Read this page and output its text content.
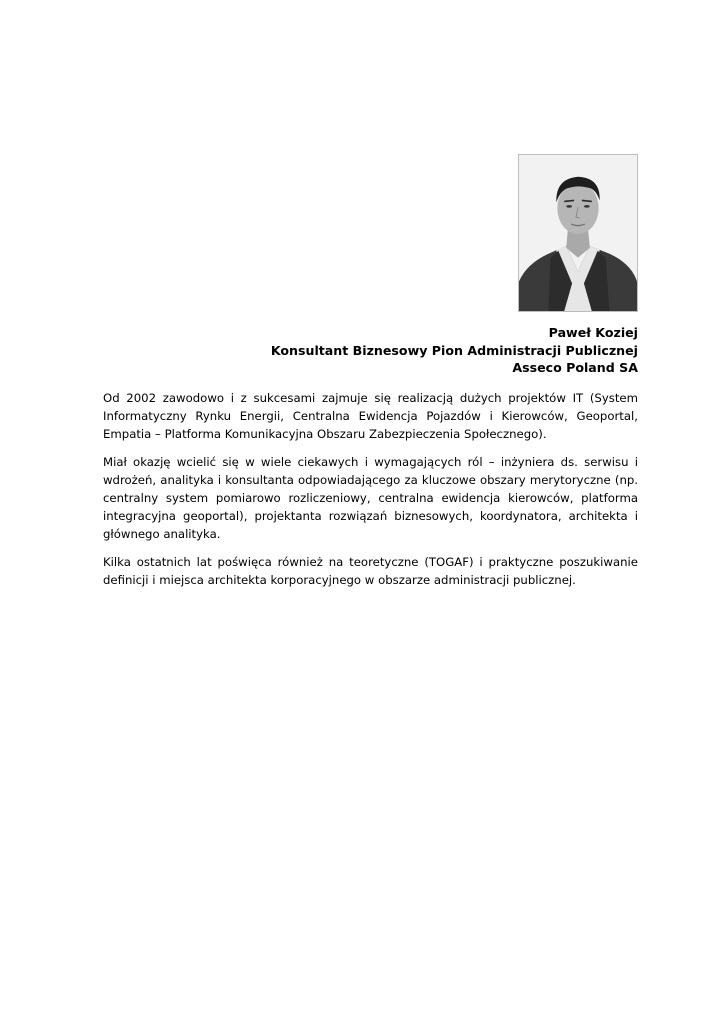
Paweł Koziej
Konsultant Biznesowy Pion Administracji Publicznej
Asseco Poland SA

Od 2002 zawodowo i z sukcesami zajmuje się realizacją dużych projektów IT (System Informatyczny Rynku Energii, Centralna Ewidencja Pojazdów i Kierowców, Geoportal, Empatia – Platforma Komunikacyjna Obszaru Zabezpieczenia Społecznego).

Miał okazję wcielić się w wiele ciekawych i wymagających ról – inżyniera ds. serwisu i wdrożeń, analityka i konsultanta odpowiadającego za kluczowe obszary merytoryczne (np. centralny system pomiarowo rozliczeniowy, centralna ewidencja kierowców, platforma integracyjna geoportal), projektanta rozwiązań biznesowych, koordynatora, architekta i głównego analityka.

Kilka ostatnich lat poświęca również na teoretyczne (TOGAF) i praktyczne poszukiwanie definicji i miejsca architekta korporacyjnego w obszarze administracji publicznej.
